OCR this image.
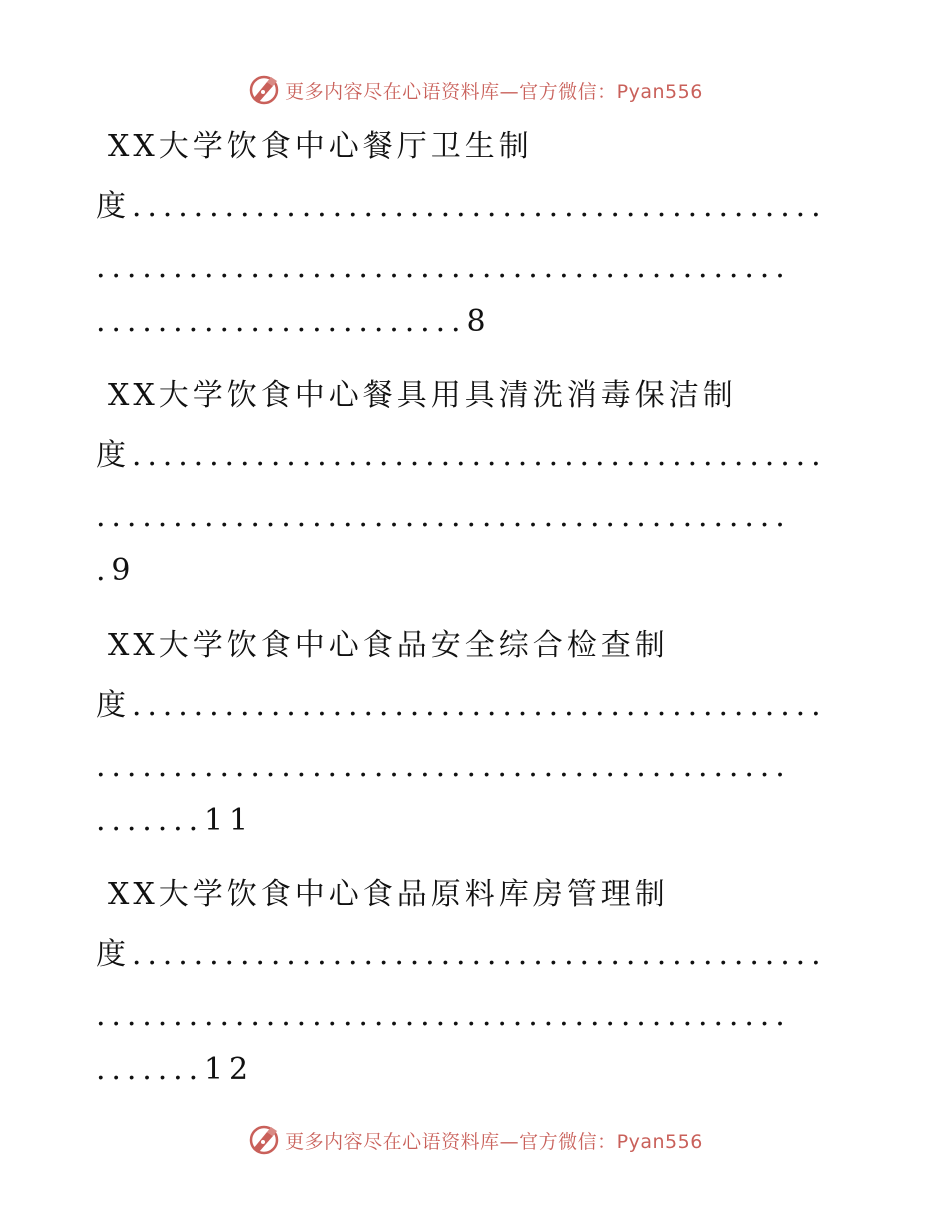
更多内容尽在心语资料库—官方微信：Pyan556
XX大学饮食中心餐厅卫生制
度.............................................
.............................................
........................8
XX大学饮食中心餐具用具清洗消毒保洁制
度.............................................
.............................................
.9
XX大学饮食中心食品安全综合检查制
度.............................................
.............................................
.......11
XX大学饮食中心食品原料库房管理制
度.............................................
.............................................
.......12
更多内容尽在心语资料库—官方微信：Pyan556
